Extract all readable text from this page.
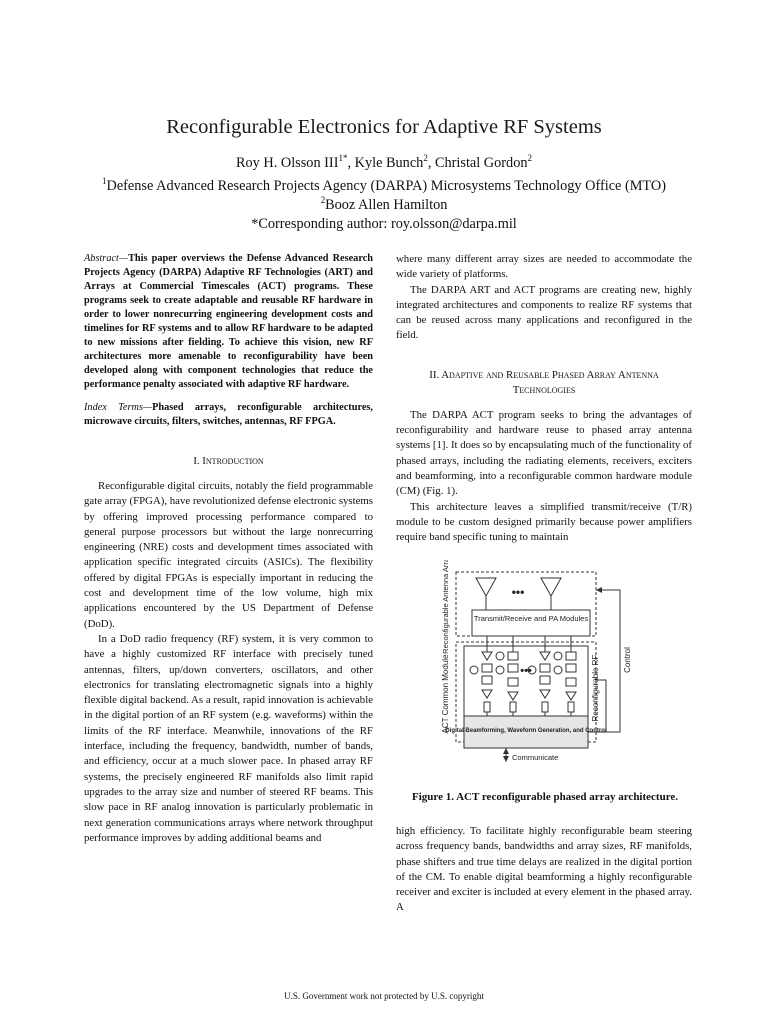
Reconfigurable Electronics for Adaptive RF Systems
Roy H. Olsson $III^{1*}$, Kyle Bunch$^2$, Christal Gordon$^2$
$^1$Defense Advanced Research Projects Agency (DARPA) Microsystems Technology Office (MTO)
$^2$Booz Allen Hamilton
*Corresponding author: roy.olsson@darpa.mil

Abstract—This paper overviews the Defense Advanced Research Projects Agency (DARPA) Adaptive RF Technologies (ART) and Arrays at Commercial Timescales (ACT) programs. These programs seek to create adaptable and reusable RF hardware in order to lower nonrecurring engineering development costs and timelines for RF systems and to allow RF hardware to be adapted to new missions after fielding. To achieve this vision, new RF architectures more amenable to reconfigurability have been developed along with component technologies that reduce the performance penalty associated with adaptive RF hardware.

Index Terms—Phased arrays, reconfigurable architectures, microwave circuits, filters, switches, antennas, RF FPGA.

I. Introduction

Reconfigurable digital circuits, notably the field programmable gate array (FPGA), have revolutionized defense electronic systems by offering improved processing performance compared to general purpose processors but without the large nonrecurring engineering (NRE) costs and development times associated with application specific integrated circuits (ASICs). The flexibility offered by digital FPGAs is especially important in reducing the cost and development time of the low volume, high mix applications encountered by the US Department of Defense (DoD).

In a DoD radio frequency (RF) system, it is very common to have a highly customized RF interface with precisely tuned antennas, filters, up/down converters, oscillators, and other electronics for translating electromagnetic signals into a highly flexible digital backend. As a result, rapid innovation is achievable in the digital portion of an RF system (e.g. waveforms) within the limits of the RF interface. Meanwhile, innovations of the RF interface, including the frequency, bandwidth, number of bands, and efficiency, occur at a much slower pace. In phased array RF systems, the precisely engineered RF manifolds also limit rapid upgrades to the array size and number of steered RF beams. This slow pace in RF analog innovation is particularly problematic in next generation communications arrays where network throughput performance improves by adding additional beams and

where many different array sizes are needed to accommodate the wide variety of platforms.

The DARPA ART and ACT programs are creating new, highly integrated architectures and components to realize RF systems that can be reused across many applications and reconfigured in the field.

II. Adaptive and Reusable Phased Array Antenna
Technologies

The DARPA ACT program seeks to bring the advantages of reconfigurability and hardware reuse to phased array antenna systems [1]. It does so by encapsulating much of the functionality of phased arrays, including the radiating elements, receivers, exciters and beamforming, into a reconfigurable common hardware module (CM) (Fig. 1).

This architecture leaves a simplified transmit/receive (T/R) module to be custom designed primarily because power amplifiers require band specific tuning to maintain

Reconfigurable Antenna Array	•••
Transmit/Receive and PA Modules
•••
ACT Common Module	Reconfigurable RF	Control
Digital Beamforming, Waveform Generation, and Control
Communicate
Figure 1. ACT reconfigurable phased array architecture.

high efficiency. To facilitate highly reconfigurable beam steering across frequency bands, bandwidths and array sizes, RF manifolds, phase shifters and true time delays are realized in the digital portion of the CM. To enable digital beamforming a highly reconfigurable receiver and exciter is included at every element in the phased array. A

U.S. Government work not protected by U.S. copyright
